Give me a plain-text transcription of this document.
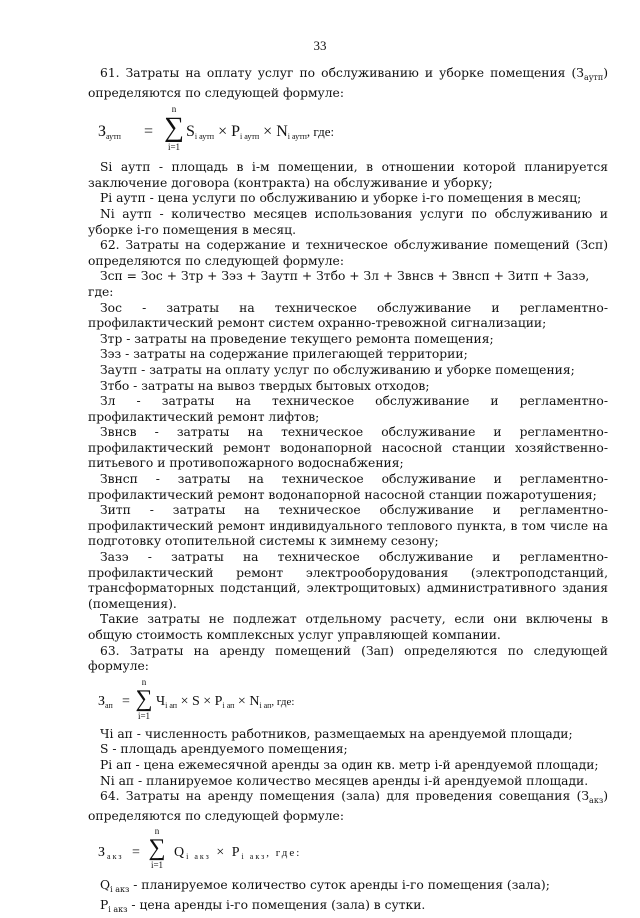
33

61. Затраты на оплату услуг по обслуживанию и уборке помещения $(З_{аутп})$ определяются по следующей формуле:

$З_{аутп}$ =
n
∑
i=1
$S_{i аутп} \times P_{i аутп} \times N_{i аутп}$, где:

Si аутп - площадь в i-м помещении, в отношении которой планируется заключение договора (контракта) на обслуживание и уборку;

Pi аутп - цена услуги по обслуживанию и уборке i-го помещения в месяц;

Ni аутп - количество месяцев использования услуги по обслуживанию и уборке i-го помещения в месяц.

62. Затраты на содержание и техническое обслуживание помещений (Зсп) определяются по следующей формуле:

Зсп = Зос + Зтр + Зэз + Заутп + Зтбо + Зл + Звнсв + Звнсп + Зитп + Зазэ, где:

Зос - затраты на техническое обслуживание и регламентно-профилактический ремонт систем охранно-тревожной сигнализации;

Зтр - затраты на проведение текущего ремонта помещения;

Зэз - затраты на содержание прилегающей территории;

Заутп - затраты на оплату услуг по обслуживанию и уборке помещения;

Зтбо - затраты на вывоз твердых бытовых отходов;

Зл - затраты на техническое обслуживание и регламентно-профилактический ремонт лифтов;

Звнсв - затраты на техническое обслуживание и регламентно-профилактический ремонт водонапорной насосной станции хозяйственно-питьевого и противопожарного водоснабжения;

Звнсп - затраты на техническое обслуживание и регламентно-профилактический ремонт водонапорной насосной станции пожаротушения;

Зитп - затраты на техническое обслуживание и регламентно-профилактический ремонт индивидуального теплового пункта, в том числе на подготовку отопительной системы к зимнему сезону;

Зазэ - затраты на техническое обслуживание и регламентно-профилактический ремонт электрооборудования (электроподстанций, трансформаторных подстанций, электрощитовых) административного здания (помещения).

Такие затраты не подлежат отдельному расчету, если они включены в общую стоимость комплексных услуг управляющей компании.

63. Затраты на аренду помещений (Зап) определяются по следующей формуле:

$З_{ап}$ =
n
∑
i=1
$Ч_{i ап} \times S \times P_{i ап} \times N_{i ап}$, где:

Чi ап - численность работников, размещаемых на арендуемой площади;

S - площадь арендуемого помещения;

Pi ап - цена ежемесячной аренды за один кв. метр i-й арендуемой площади;

Ni ап - планируемое количество месяцев аренды i-й арендуемой площади.

64. Затраты на аренду помещения (зала) для проведения совещания $(З_{акз})$ определяются по следующей формуле:

$З_{акз}$ =
n
∑
i=1
$Q_{i акз} \times P_{i акз}$, где:

$Q_{i акз}$ - планируемое количество суток аренды i-го помещения (зала);

$P_{i акз}$ - цена аренды i-го помещения (зала) в сутки.
